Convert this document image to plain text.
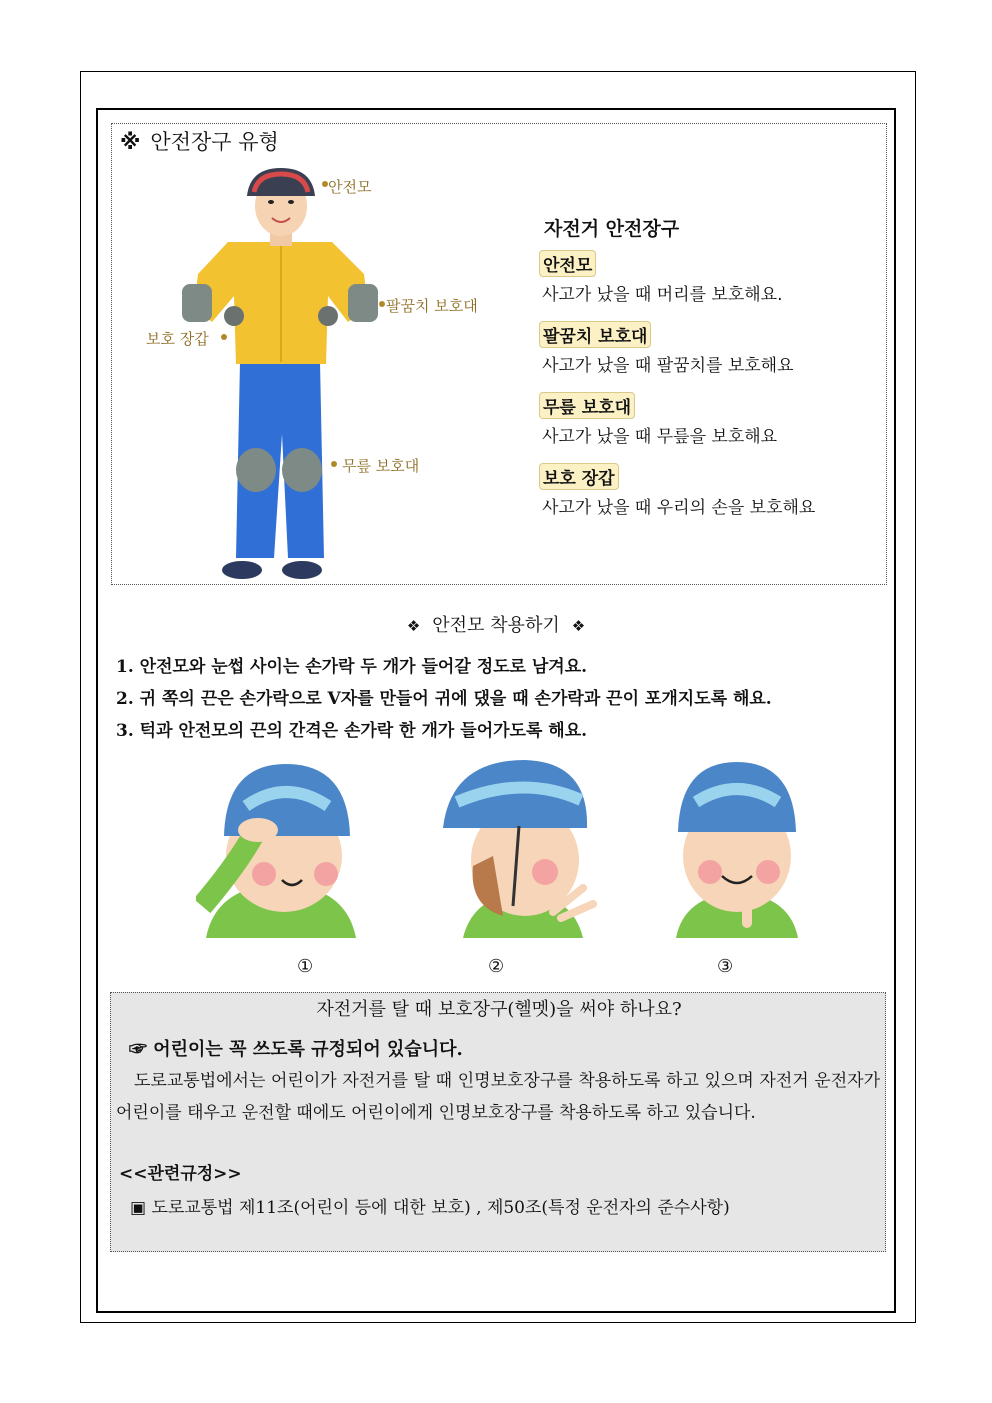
※ 안전장구 유형
안전모
팔꿈치 보호대
보호 장갑
무릎 보호대
자전거 안전장구
안전모
사고가 났을 때 머리를 보호해요.
팔꿈치 보호대
사고가 났을 때 팔꿈치를 보호해요
무릎 보호대
사고가 났을 때 무릎을 보호해요
보호 장갑
사고가 났을 때 우리의 손을 보호해요
❖ 안전모 착용하기 ❖
1. 안전모와 눈썹 사이는 손가락 두 개가 들어갈 정도로 남겨요.
2. 귀 쪽의 끈은 손가락으로 V자를 만들어 귀에 댔을 때 손가락과 끈이 포개지도록 해요.
3. 턱과 안전모의 끈의 간격은 손가락 한 개가 들어가도록 해요.
①	②	③
자전거를 탈 때 보호장구(헬멧)을 써야 하나요?
☞ 어린이는 꼭 쓰도록 규정되어 있습니다.

도로교통법에서는 어린이가 자전거를 탈 때 인명보호장구를 착용하도록 하고 있으며 자전거 운전자가 어린이를 태우고 운전할 때에도 어린이에게 인명보호장구를 착용하도록 하고 있습니다.

<<관련규정>>

▣ 도로교통법 제11조(어린이 등에 대한 보호) , 제50조(특정 운전자의 준수사항)
